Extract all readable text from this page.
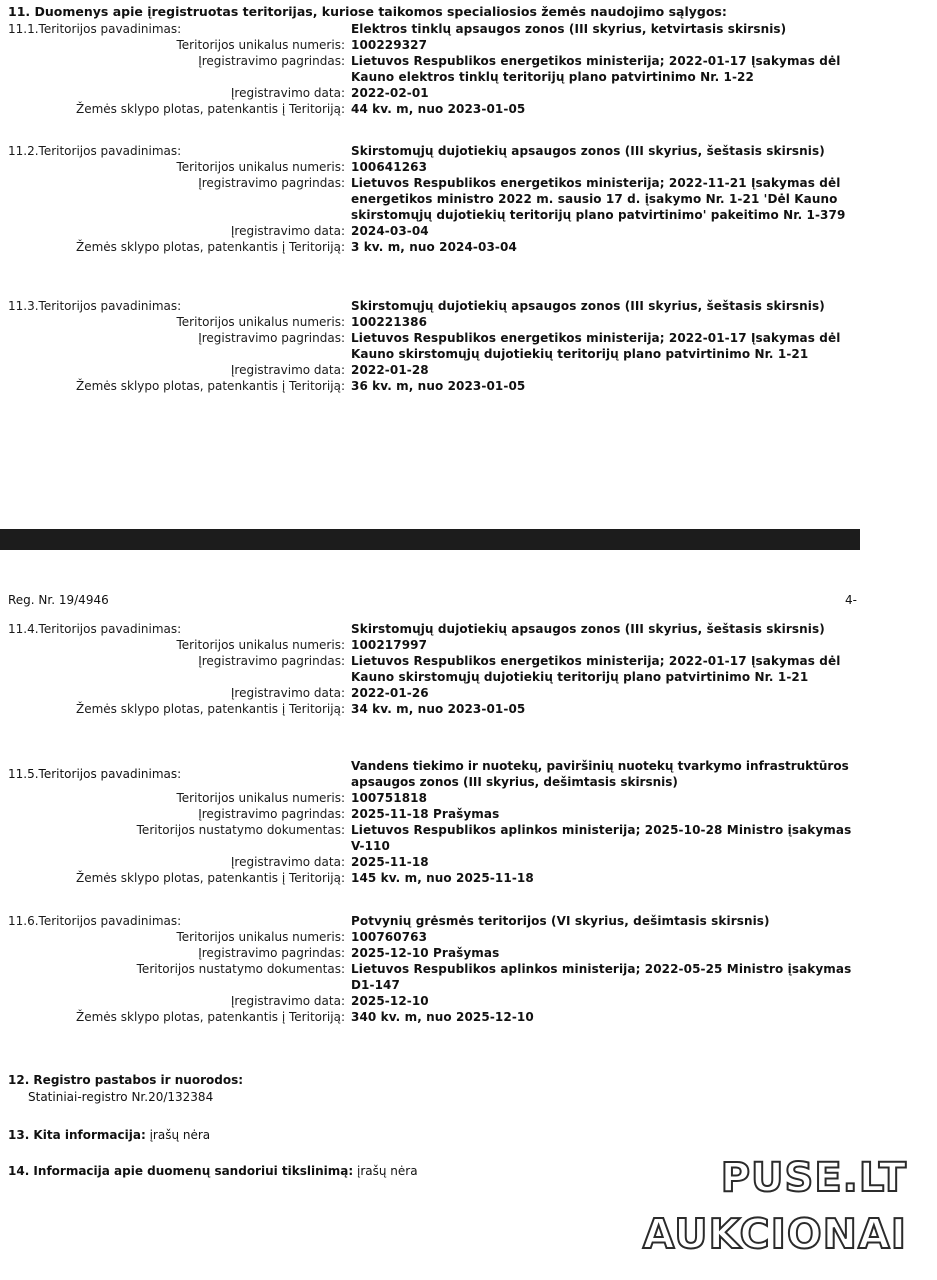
11. Duomenys apie įregistruotas teritorijas, kuriose taikomos specialiosios žemės naudojimo sąlygos:
11.1.Teritorijos pavadinimas:	Elektros tinklų apsaugos zonos (III skyrius, ketvirtasis skirsnis)
Teritorijos unikalus numeris: 100229327
Įregistravimo pagrindas: Lietuvos Respublikos energetikos ministerija; 2022-01-17 Įsakymas dėl Kauno elektros tinklų teritorijų plano patvirtinimo Nr. 1-22
Įregistravimo data: 2022-02-01
Žemės sklypo plotas, patenkantis į Teritoriją: 44 kv. m, nuo 2023-01-05
11.2.Teritorijos pavadinimas:	Skirstomųjų dujotiekių apsaugos zonos (III skyrius, šeštasis skirsnis)
Teritorijos unikalus numeris: 100641263
Įregistravimo pagrindas: Lietuvos Respublikos energetikos ministerija; 2022-11-21 Įsakymas dėl energetikos ministro 2022 m. sausio 17 d. įsakymo Nr. 1-21 'Dėl Kauno skirstomųjų dujotiekių teritorijų plano patvirtinimo' pakeitimo Nr. 1-379
Įregistravimo data: 2024-03-04
Žemės sklypo plotas, patenkantis į Teritoriją: 3 kv. m, nuo 2024-03-04
11.3.Teritorijos pavadinimas:	Skirstomųjų dujotiekių apsaugos zonos (III skyrius, šeštasis skirsnis)
Teritorijos unikalus numeris: 100221386
Įregistravimo pagrindas: Lietuvos Respublikos energetikos ministerija; 2022-01-17 Įsakymas dėl Kauno skirstomųjų dujotiekių teritorijų plano patvirtinimo Nr. 1-21
Įregistravimo data: 2022-01-28
Žemės sklypo plotas, patenkantis į Teritoriją: 36 kv. m, nuo 2023-01-05
Reg. Nr. 19/4946	4-
11.4.Teritorijos pavadinimas:	Skirstomųjų dujotiekių apsaugos zonos (III skyrius, šeštasis skirsnis)
Teritorijos unikalus numeris: 100217997
Įregistravimo pagrindas: Lietuvos Respublikos energetikos ministerija; 2022-01-17 Įsakymas dėl Kauno skirstomųjų dujotiekių teritorijų plano patvirtinimo Nr. 1-21
Įregistravimo data: 2022-01-26
Žemės sklypo plotas, patenkantis į Teritoriją: 34 kv. m, nuo 2023-01-05
11.5.Teritorijos pavadinimas:
Vandens tiekimo ir nuotekų, paviršinių nuotekų tvarkymo infrastruktūros apsaugos zonos (III skyrius, dešimtasis skirsnis)
Teritorijos unikalus numeris: 100751818
Įregistravimo pagrindas: 2025-11-18 Prašymas
Teritorijos nustatymo dokumentas: Lietuvos Respublikos aplinkos ministerija; 2025-10-28 Ministro įsakymas V-110
Įregistravimo data: 2025-11-18
Žemės sklypo plotas, patenkantis į Teritoriją: 145 kv. m, nuo 2025-11-18
11.6.Teritorijos pavadinimas:	Potvynių grėsmės teritorijos (VI skyrius, dešimtasis skirsnis)
Teritorijos unikalus numeris: 100760763
Įregistravimo pagrindas: 2025-12-10 Prašymas
Teritorijos nustatymo dokumentas: Lietuvos Respublikos aplinkos ministerija; 2022-05-25 Ministro įsakymas D1-147
Įregistravimo data: 2025-12-10
Žemės sklypo plotas, patenkantis į Teritoriją: 340 kv. m, nuo 2025-12-10
12. Registro pastabos ir nuorodos:
Statiniai-registro Nr.20/132384
13. Kita informacija: įrašų nėra
14. Informacija apie duomenų sandoriui tikslinimą: įrašų nėra	PUSE.LT
AUKCIONAI
